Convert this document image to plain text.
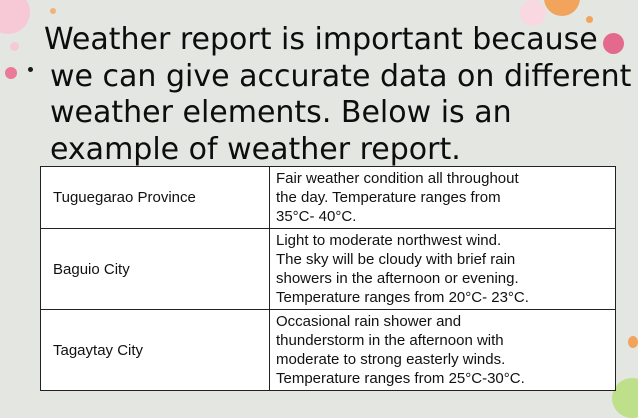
Weather report is important because
we can give accurate data on different
weather elements. Below is an
example of weather report.
Tuguegarao Province	Fair weather condition all throughout
the day. Temperature ranges from
35°C- 40°C.

Baguio City	Light to moderate northwest wind.
The sky will be cloudy with brief rain
showers in the afternoon or evening.
Temperature ranges from 20°C- 23°C.

Tagaytay City	Occasional rain shower and
thunderstorm in the afternoon with
moderate to strong easterly winds.
Temperature ranges from 25°C-30°C.
